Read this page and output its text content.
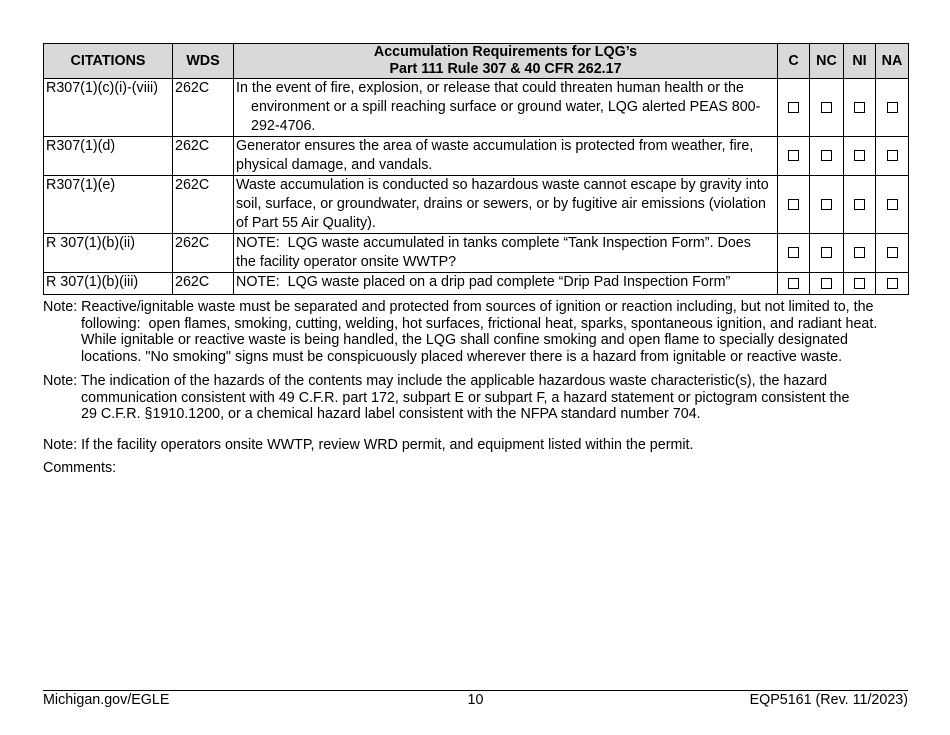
CITATIONS	WDS	Accumulation Requirements for LQG’s
Part 111 Rule 307 & 40 CFR 262.17	C	NC	NI	NA
R307(1)(c)(i)-(viii)	262C	In the event of fire, explosion, or release that could threaten human health or the
environment or a spill reaching surface or ground water, LQG alerted PEAS 800-
292-4706.				

R307(1)(d)	262C	Generator ensures the area of waste accumulation is protected from weather, fire,
physical damage, and vandals.				

R307(1)(e)	262C	Waste accumulation is conducted so hazardous waste cannot escape by gravity into
soil, surface, or groundwater, drains or sewers, or by fugitive air emissions (violation
of Part 55 Air Quality).				

R 307(1)(b)(ii)	262C	NOTE:  LQG waste accumulated in tanks complete “Tank Inspection Form”. Does
the facility operator onsite WWTP?				

R 307(1)(b)(iii)	262C	NOTE:  LQG waste placed on a drip pad complete “Drip Pad Inspection Form”				

Note: Reactive/ignitable waste must be separated and protected from sources of ignition or reaction including, but not limited to, the
following:  open flames, smoking, cutting, welding, hot surfaces, frictional heat, sparks, spontaneous ignition, and radiant heat.
While ignitable or reactive waste is being handled, the LQG shall confine smoking and open flame to specially designated
locations. "No smoking" signs must be conspicuously placed wherever there is a hazard from ignitable or reactive waste.
Note: The indication of the hazards of the contents may include the applicable hazardous waste characteristic(s), the hazard
communication consistent with 49 C.F.R. part 172, subpart E or subpart F, a hazard statement or pictogram consistent the
29 C.F.R. §1910.1200, or a chemical hazard label consistent with the NFPA standard number 704.
Note: If the facility operators onsite WWTP, review WRD permit, and equipment listed within the permit.
Comments:
Michigan.gov/EGLE	10	EQP5161 (Rev. 11/2023)
